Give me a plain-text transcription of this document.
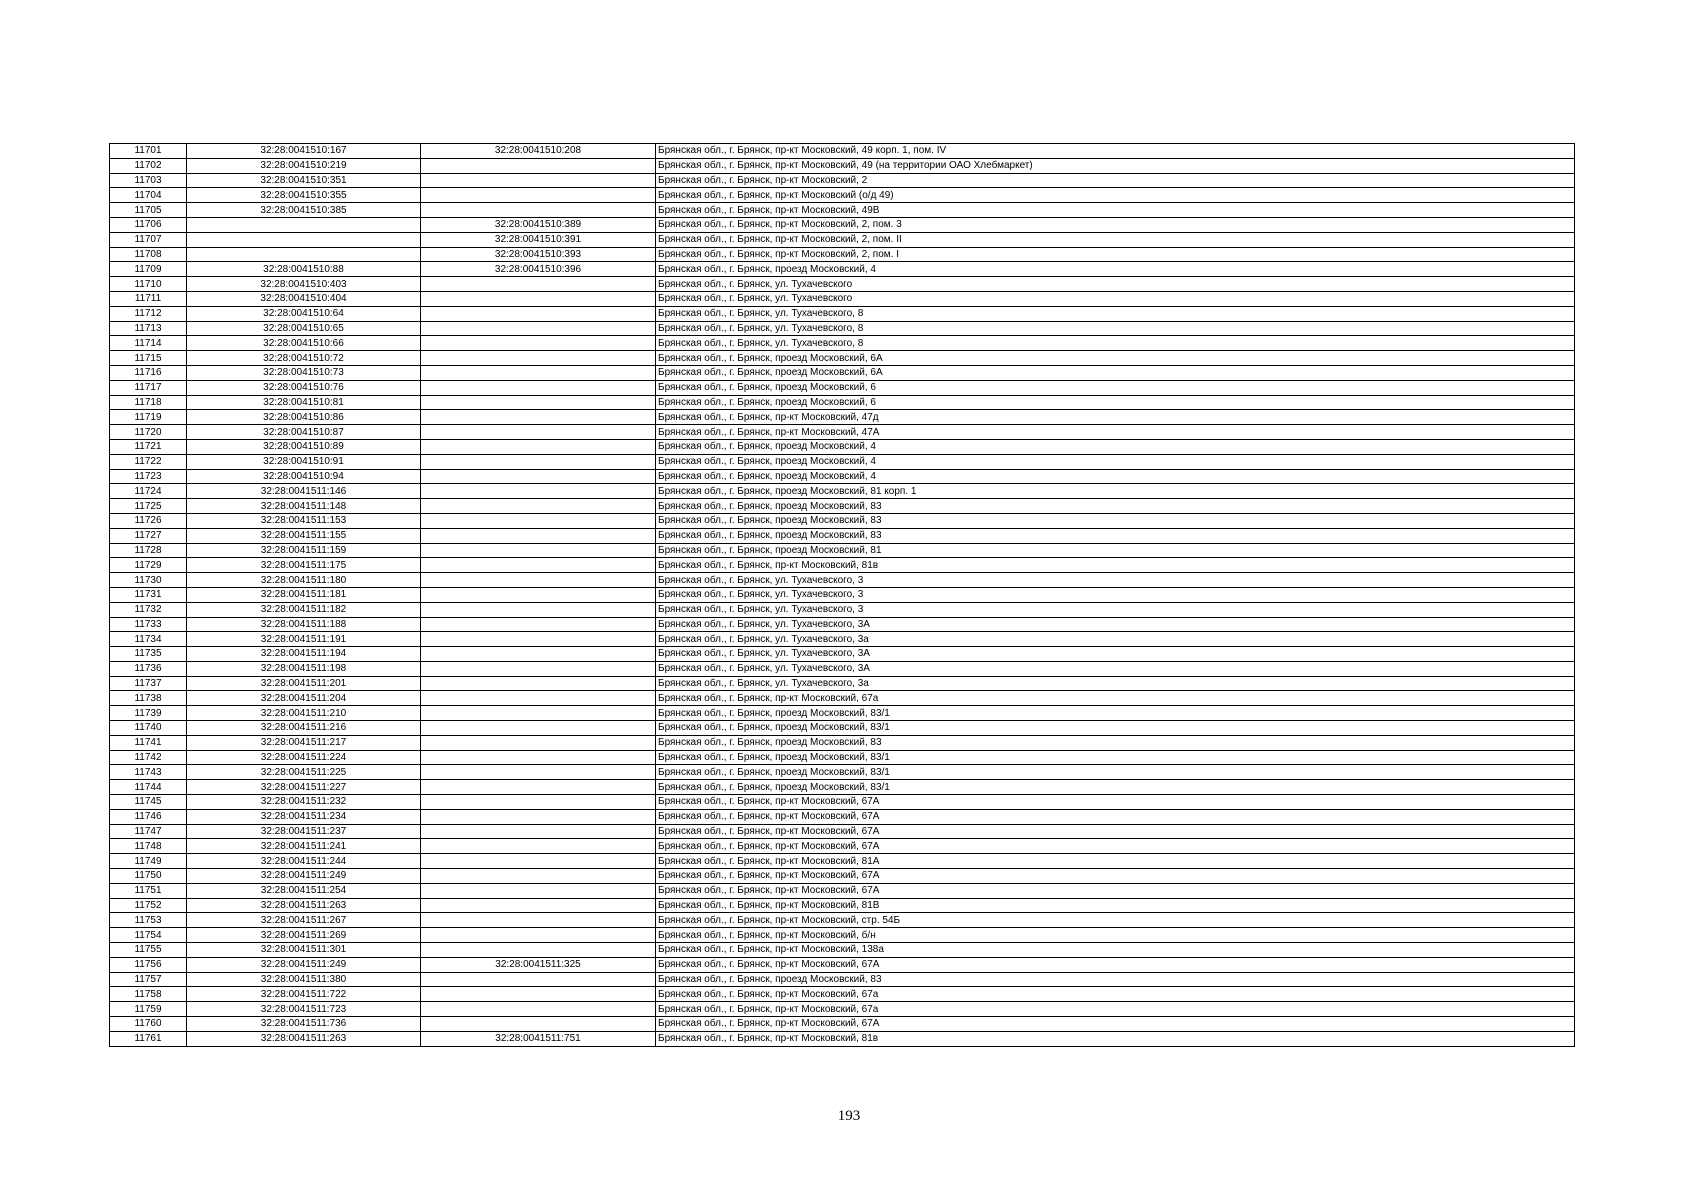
11701	32:28:0041510:167	32:28:0041510:208	Брянская обл., г. Брянск, пр-кт Московский, 49 корп. 1, пом. IV
11702	32:28:0041510:219		Брянская обл., г. Брянск, пр-кт Московский, 49 (на территории ОАО Хлебмаркет)
11703	32:28:0041510:351		Брянская обл., г. Брянск, пр-кт Московский, 2
11704	32:28:0041510:355		Брянская обл., г. Брянск, пр-кт Московский (о/д 49)
11705	32:28:0041510:385		Брянская обл., г. Брянск, пр-кт Московский, 49В
11706		32:28:0041510:389	Брянская обл., г. Брянск, пр-кт Московский, 2, пом. 3
11707		32:28:0041510:391	Брянская обл., г. Брянск, пр-кт Московский, 2, пом. II
11708		32:28:0041510:393	Брянская обл., г. Брянск, пр-кт Московский, 2, пом. I
11709	32:28:0041510:88	32:28:0041510:396	Брянская обл., г. Брянск, проезд Московский, 4
11710	32:28:0041510:403		Брянская обл., г. Брянск, ул. Тухачевского
11711	32:28:0041510:404		Брянская обл., г. Брянск, ул. Тухачевского
11712	32:28:0041510:64		Брянская обл., г. Брянск, ул. Тухачевского, 8
11713	32:28:0041510:65		Брянская обл., г. Брянск, ул. Тухачевского, 8
11714	32:28:0041510:66		Брянская обл., г. Брянск, ул. Тухачевского, 8
11715	32:28:0041510:72		Брянская обл., г. Брянск, проезд Московский, 6А
11716	32:28:0041510:73		Брянская обл., г. Брянск, проезд Московский, 6А
11717	32:28:0041510:76		Брянская обл., г. Брянск, проезд Московский, 6
11718	32:28:0041510:81		Брянская обл., г. Брянск, проезд Московский, 6
11719	32:28:0041510:86		Брянская обл., г. Брянск, пр-кт Московский, 47д
11720	32:28:0041510:87		Брянская обл., г. Брянск, пр-кт Московский, 47А
11721	32:28:0041510:89		Брянская обл., г. Брянск, проезд Московский, 4
11722	32:28:0041510:91		Брянская обл., г. Брянск, проезд Московский, 4
11723	32:28:0041510:94		Брянская обл., г. Брянск, проезд Московский, 4
11724	32:28:0041511:146		Брянская обл., г. Брянск, проезд Московский, 81 корп. 1
11725	32:28:0041511:148		Брянская обл., г. Брянск, проезд Московский, 83
11726	32:28:0041511:153		Брянская обл., г. Брянск, проезд Московский, 83
11727	32:28:0041511:155		Брянская обл., г. Брянск, проезд Московский, 83
11728	32:28:0041511:159		Брянская обл., г. Брянск, проезд Московский, 81
11729	32:28:0041511:175		Брянская обл., г. Брянск, пр-кт Московский, 81в
11730	32:28:0041511:180		Брянская обл., г. Брянск, ул. Тухачевского, 3
11731	32:28:0041511:181		Брянская обл., г. Брянск, ул. Тухачевского, 3
11732	32:28:0041511:182		Брянская обл., г. Брянск, ул. Тухачевского, 3
11733	32:28:0041511:188		Брянская обл., г. Брянск, ул. Тухачевского, 3А
11734	32:28:0041511:191		Брянская обл., г. Брянск, ул. Тухачевского, 3а
11735	32:28:0041511:194		Брянская обл., г. Брянск, ул. Тухачевского, 3А
11736	32:28:0041511:198		Брянская обл., г. Брянск, ул. Тухачевского, 3А
11737	32:28:0041511:201		Брянская обл., г. Брянск, ул. Тухачевского, 3а
11738	32:28:0041511:204		Брянская обл., г. Брянск, пр-кт Московский, 67а
11739	32:28:0041511:210		Брянская обл., г. Брянск, проезд Московский, 83/1
11740	32:28:0041511:216		Брянская обл., г. Брянск, проезд Московский, 83/1
11741	32:28:0041511:217		Брянская обл., г. Брянск, проезд Московский, 83
11742	32:28:0041511:224		Брянская обл., г. Брянск, проезд Московский, 83/1
11743	32:28:0041511:225		Брянская обл., г. Брянск, проезд Московский, 83/1
11744	32:28:0041511:227		Брянская обл., г. Брянск, проезд Московский, 83/1
11745	32:28:0041511:232		Брянская обл., г. Брянск, пр-кт Московский, 67А
11746	32:28:0041511:234		Брянская обл., г. Брянск, пр-кт Московский, 67А
11747	32:28:0041511:237		Брянская обл., г. Брянск, пр-кт Московский, 67А
11748	32:28:0041511:241		Брянская обл., г. Брянск, пр-кт Московский, 67А
11749	32:28:0041511:244		Брянская обл., г. Брянск, пр-кт Московский, 81А
11750	32:28:0041511:249		Брянская обл., г. Брянск, пр-кт Московский, 67А
11751	32:28:0041511:254		Брянская обл., г. Брянск, пр-кт Московский, 67А
11752	32:28:0041511:263		Брянская обл., г. Брянск, пр-кт Московский, 81В
11753	32:28:0041511:267		Брянская обл., г. Брянск, пр-кт Московский, стр. 54Б
11754	32:28:0041511:269		Брянская обл., г. Брянск, пр-кт Московский, б/н
11755	32:28:0041511:301		Брянская обл., г. Брянск, пр-кт Московский, 138а
11756	32:28:0041511:249	32:28:0041511:325	Брянская обл., г. Брянск, пр-кт Московский, 67А
11757	32:28:0041511:380		Брянская обл., г. Брянск, проезд Московский, 83
11758	32:28:0041511:722		Брянская обл., г. Брянск, пр-кт Московский, 67а
11759	32:28:0041511:723		Брянская обл., г. Брянск, пр-кт Московский, 67а
11760	32:28:0041511:736		Брянская обл., г. Брянск, пр-кт Московский, 67А
11761	32:28:0041511:263	32:28:0041511:751	Брянская обл., г. Брянск, пр-кт Московский, 81в
193
